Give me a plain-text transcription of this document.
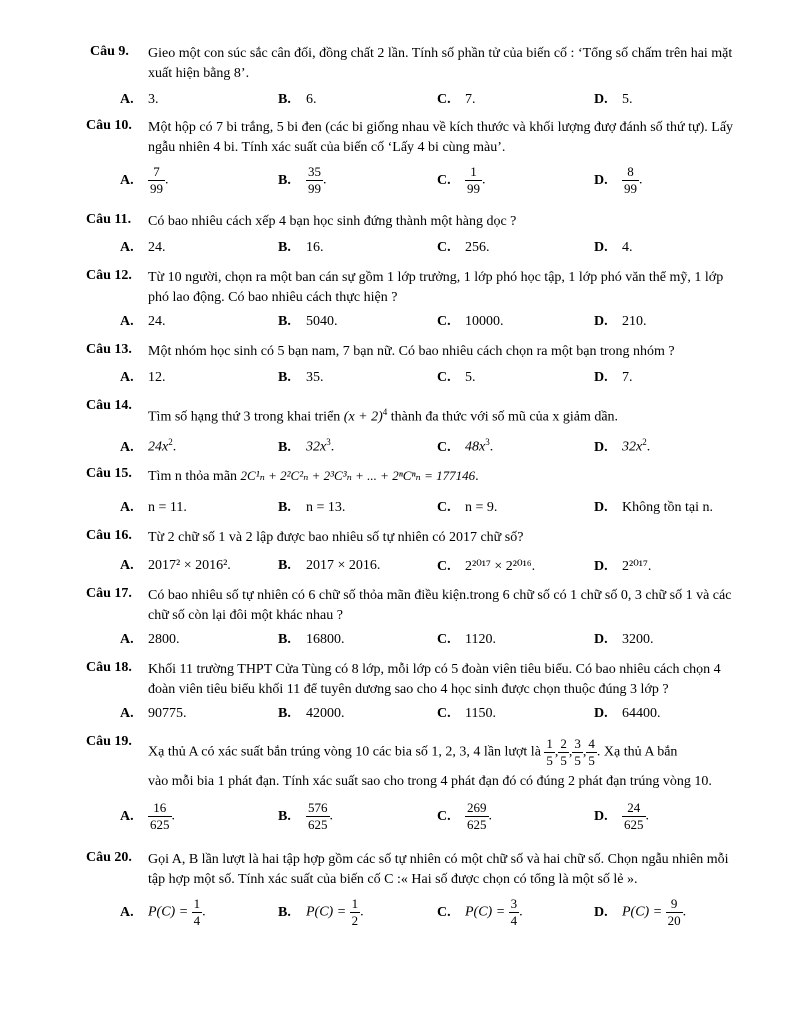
Câu 9. Gieo một con súc sắc cân đối, đồng chất 2 lần. Tính số phần tử của biến cố : ‘Tổng số chấm trên hai mặt xuất hiện bằng 8’.
A. 3.	B. 6.	C. 7.	D. 5.
Câu 10. Một hộp có 7 bi trắng, 5 bi đen (các bi giống nhau về kích thước và khối lượng đượ đánh số thứ tự). Lấy ngẫu nhiên 4 bi. Tính xác suất của biến cố ‘Lấy 4 bi cùng màu’.
A. $\frac{7}{99}$ .	B. $\frac{35}{99}$ .	C. $\frac{1}{99}$ .	D. $\frac{8}{99}$ .
Câu 11. Có bao nhiêu cách xếp 4 bạn học sinh đứng thành một hàng dọc ?
A. 24.	B. 16.	C. 256.	D. 4.
Câu 12. Từ 10 người, chọn ra một ban cán sự gồm 1 lớp trưởng, 1 lớp phó học tập, 1 lớp phó văn thể mỹ, 1 lớp phó lao động. Có bao nhiêu cách thực hiện ?
A. 24.	B. 5040.	C. 10000.	D. 210.
Câu 13. Một nhóm học sinh có 5 bạn nam, 7 bạn nữ. Có bao nhiêu cách chọn ra một bạn trong nhóm ?
A. 12.	B. 35.	C. 5.	D. 7.
Câu 14.
Tìm số hạng thứ 3 trong khai triển $(x + 2)^4$ thành đa thức với số mũ của x giảm dần.
A. $24x^2$.	B. $32x^3$.	C. $48x^3$.	D. $32x^2$.
Câu 15. Tìm n thỏa mãn 2C¹ₙ + 2²C²ₙ + 2³C³ₙ + ... + 2ⁿCⁿₙ = 177146.
A. n = 11.	B. n = 13.	C. n = 9.	D. Không tồn tại n.
Câu 16. Từ 2 chữ số 1 và 2 lập được bao nhiêu số tự nhiên có 2017 chữ số?
A. 2017² × 2016².	B. 2017 × 2016.	C. 2²⁰¹⁷ × 2²⁰¹⁶.	D. 2²⁰¹⁷.
Câu 17. Có bao nhiêu số tự nhiên có 6 chữ số thỏa mãn điều kiện.trong 6 chữ số có 1 chữ số 0, 3 chữ số 1 và các chữ số còn lại đôi một khác nhau ?
A. 2800.	B. 16800.	C. 1120.	D. 3200.
Câu 18. Khối 11 trường THPT Cửa Tùng có 8 lớp, mỗi lớp có 5 đoàn viên tiêu biểu. Có bao nhiêu cách chọn 4 đoàn viên tiêu biểu khối 11 để tuyên dương sao cho 4 học sinh được chọn thuộc đúng 3 lớp ?
A. 90775.	B. 42000.	C. 1150.	D. 64400.
Câu 19.
Xạ thủ A có xác suất bắn trúng vòng 10 các bia số 1, 2, 3, 4 lần lượt là $\frac{1}{5}$ , $\frac{2}{5}$ , $\frac{3}{5}$ , $\frac{4}{5}$ . Xạ thủ A bắn
vào mỗi bia 1 phát đạn. Tính xác suất sao cho trong 4 phát đạn đó có đúng 2 phát đạn trúng vòng 10.
A. $\frac{16}{625}$ .	B. $\frac{576}{625}$ .	C. $\frac{269}{625}$ .	D. $\frac{24}{625}$ .
Câu 20. Gọi A, B lần lượt là hai tập hợp gồm các số tự nhiên có một chữ số và hai chữ số. Chọn ngẫu nhiên mỗi tập hợp một số. Tính xác suất của biến cố C :« Hai số được chọn có tổng là một số lẻ ».
A. $P(C) = \frac{1}{4}$ .	B. $P(C) = \frac{1}{2}$ .	C. $P(C) = \frac{3}{4}$ .	D. $P(C) = \frac{9}{20}$ .
